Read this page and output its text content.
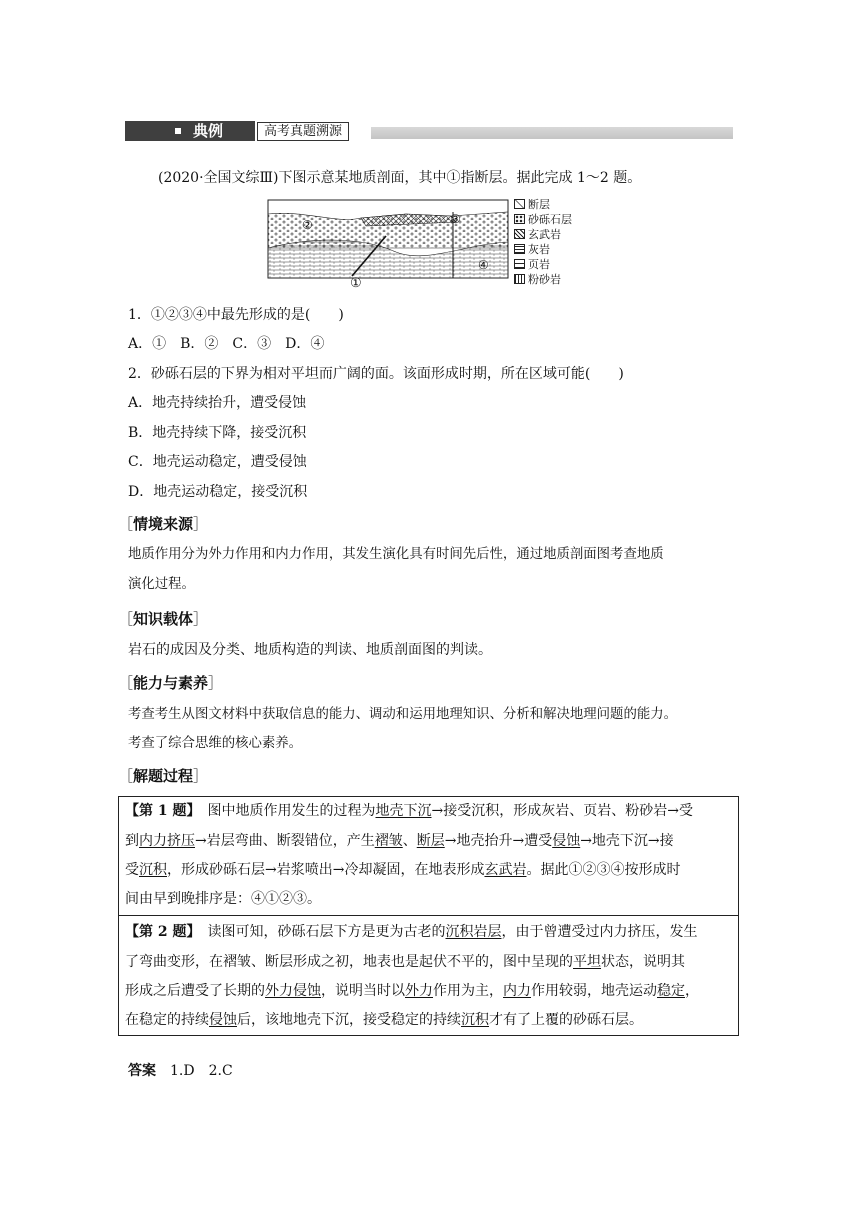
典例	高考真题溯源
(2020·全国文综Ⅲ)下图示意某地质剖面，其中①指断层。据此完成 1～2 题。
②	③
④
①
断层
砂砾石层
玄武岩
灰岩
页岩
粉砂岩
1．①②③④中最先形成的是(　　)
A．①　B．②　C．③　D．④
2．砂砾石层的下界为相对平坦而广阔的面。该面形成时期，所在区域可能(　　)
A．地壳持续抬升，遭受侵蚀
B．地壳持续下降，接受沉积
C．地壳运动稳定，遭受侵蚀
D．地壳运动稳定，接受沉积
［情境来源］
地质作用分为外力作用和内力作用，其发生演化具有时间先后性，通过地质剖面图考查地质
演化过程。
［知识载体］
岩石的成因及分类、地质构造的判读、地质剖面图的判读。
［能力与素养］
考查考生从图文材料中获取信息的能力、调动和运用地理知识、分析和解决地理问题的能力。
考查了综合思维的核心素养。
［解题过程］
【第 1 题】　图中地质作用发生的过程为地壳下沉→接受沉积，形成灰岩、页岩、粉砂岩→受
到内力挤压→岩层弯曲、断裂错位，产生褶皱、断层→地壳抬升→遭受侵蚀→地壳下沉→接
受沉积，形成砂砾石层→岩浆喷出→冷却凝固，在地表形成玄武岩。据此①②③④按形成时
间由早到晚排序是：④①②③。
【第 2 题】　读图可知，砂砾石层下方是更为古老的沉积岩层，由于曾遭受过内力挤压，发生
了弯曲变形，在褶皱、断层形成之初，地表也是起伏不平的，图中呈现的平坦状态，说明其
形成之后遭受了长期的外力侵蚀，说明当时以外力作用为主，内力作用较弱，地壳运动稳定，
在稳定的持续侵蚀后，该地地壳下沉，接受稳定的持续沉积才有了上覆的砂砾石层。
答案　 1.D　2.C
